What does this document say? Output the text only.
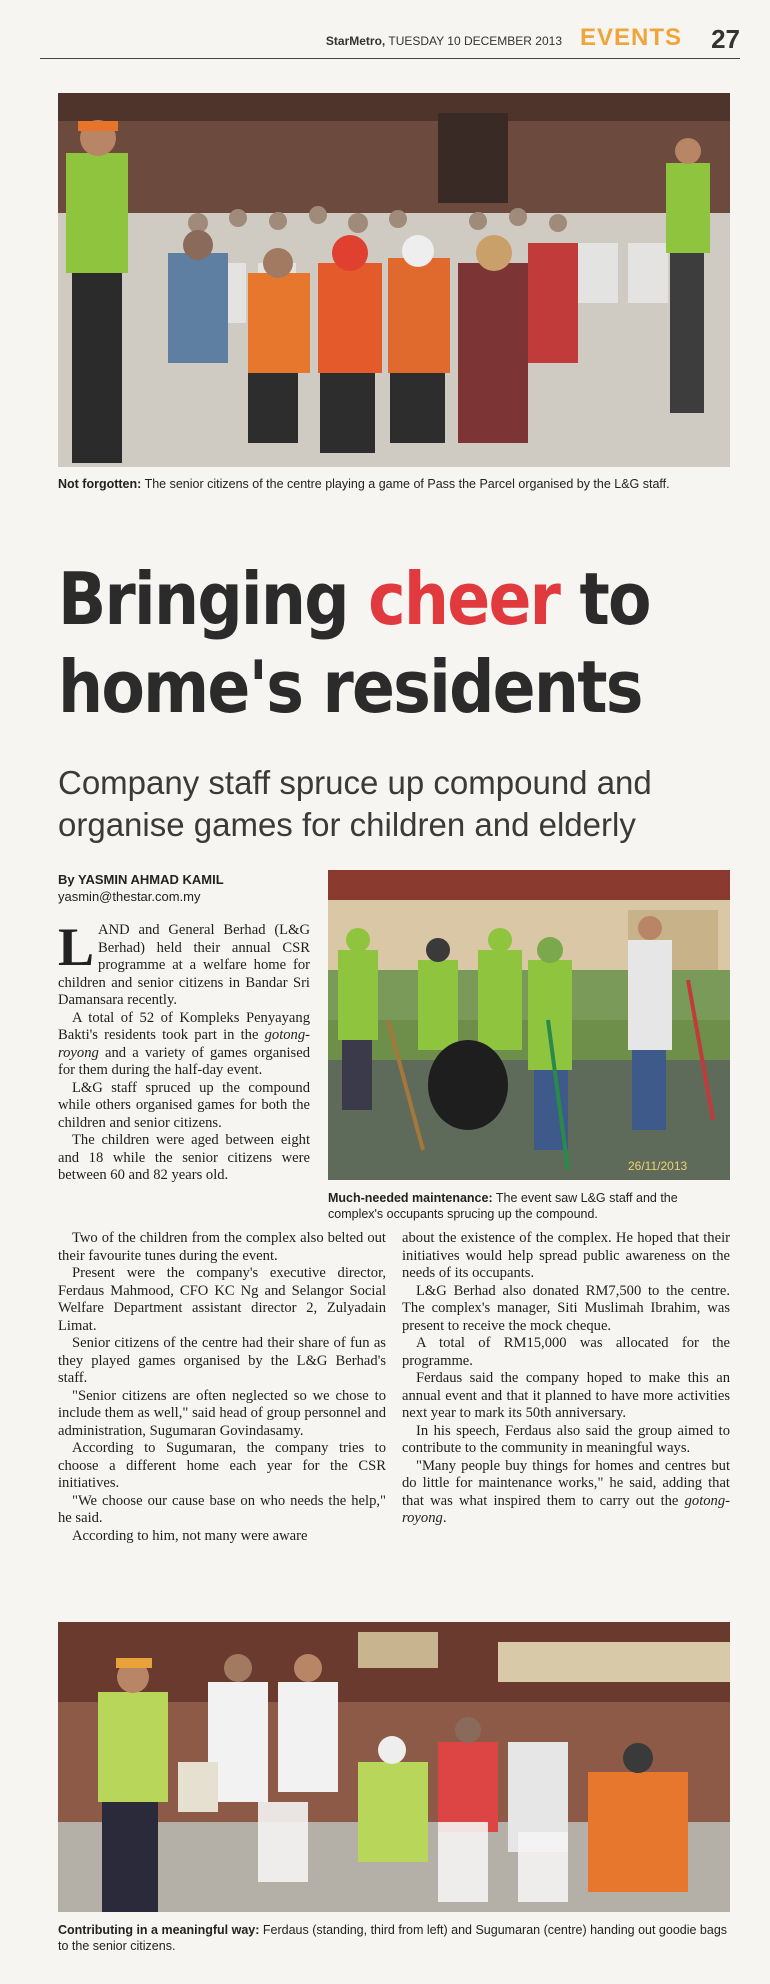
StarMetro, TUESDAY 10 DECEMBER 2013 EVENTS 27
Not forgotten: The senior citizens of the centre playing a game of Pass the Parcel organised by the L&G staff.
Bringing cheer to home's residents
Company staff spruce up compound and organise games for children and elderly
By YASMIN AHMAD KAMIL
yasmin@thestar.com.my
26/11/2013
Much-needed maintenance: The event saw L&G staff and the complex's occupants sprucing up the compound.

LAND and General Berhad (L&G Berhad) held their annual CSR programme at a welfare home for children and senior citizens in Bandar Sri Damansara recently.

A total of 52 of Kompleks Penyayang Bakti's residents took part in the gotong-royong and a variety of games organised for them during the half-day event.

L&G staff spruced up the compound while others organised games for both the children and senior citizens.

The children were aged between eight and 18 while the senior citizens were between 60 and 82 years old.

Two of the children from the complex also belted out their favourite tunes during the event.

Present were the company's executive director, Ferdaus Mahmood, CFO KC Ng and Selangor Social Welfare Department assistant director 2, Zulyadain Limat.

Senior citizens of the centre had their share of fun as they played games organised by the L&G Berhad's staff.

"Senior citizens are often neglected so we chose to include them as well," said head of group personnel and administration, Sugumaran Govindasamy.

According to Sugumaran, the company tries to choose a different home each year for the CSR initiatives.

"We choose our cause base on who needs the help," he said.

According to him, not many were aware

about the existence of the complex. He hoped that their initiatives would help spread public awareness on the needs of its occupants.

L&G Berhad also donated RM7,500 to the centre. The complex's manager, Siti Muslimah Ibrahim, was present to receive the mock cheque.

A total of RM15,000 was allocated for the programme.

Ferdaus said the company hoped to make this an annual event and that it planned to have more activities next year to mark its 50th anniversary.

In his speech, Ferdaus also said the group aimed to contribute to the community in meaningful ways.

"Many people buy things for homes and centres but do little for maintenance works," he said, adding that that was what inspired them to carry out the gotong-royong.

Contributing in a meaningful way: Ferdaus (standing, third from left) and Sugumaran (centre) handing out goodie bags to the senior citizens.
